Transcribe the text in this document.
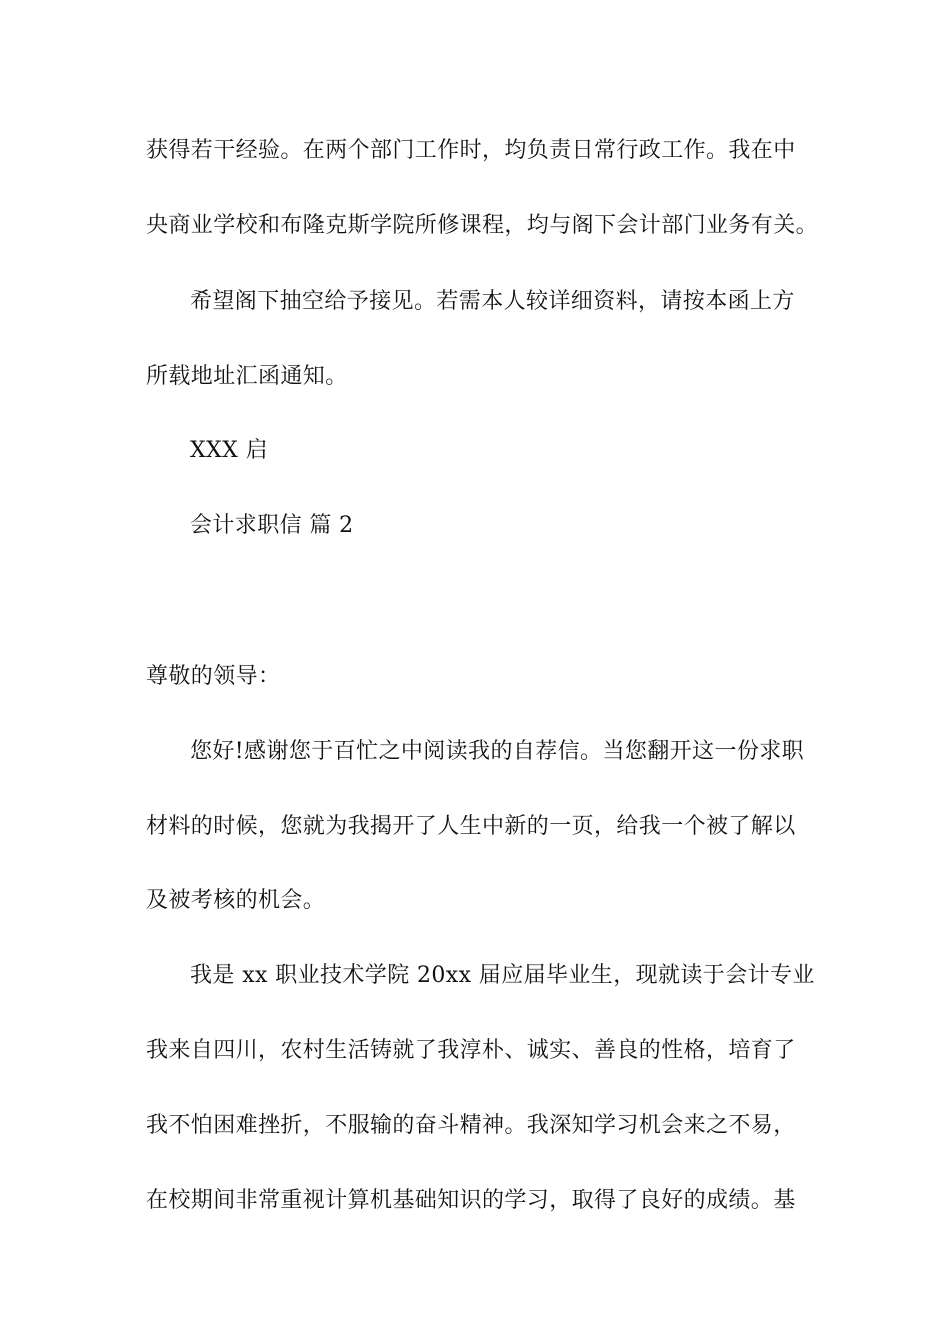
获得若干经验。在两个部门工作时，均负责日常行政工作。我在中
央商业学校和布隆克斯学院所修课程，均与阁下会计部门业务有关。
希望阁下抽空给予接见。若需本人较详细资料，请按本函上方
所载地址汇函通知。
XXX 启
会计求职信 篇 2
尊敬的领导：
您好!感谢您于百忙之中阅读我的自荐信。当您翻开这一份求职
材料的时候，您就为我揭开了人生中新的一页，给我一个被了解以
及被考核的机会。
我是 xx 职业技术学院 20xx 届应届毕业生，现就读于会计专业
我来自四川，农村生活铸就了我淳朴、诚实、善良的性格，培育了
我不怕困难挫折，不服输的奋斗精神。我深知学习机会来之不易，
在校期间非常重视计算机基础知识的学习，取得了良好的成绩。基
